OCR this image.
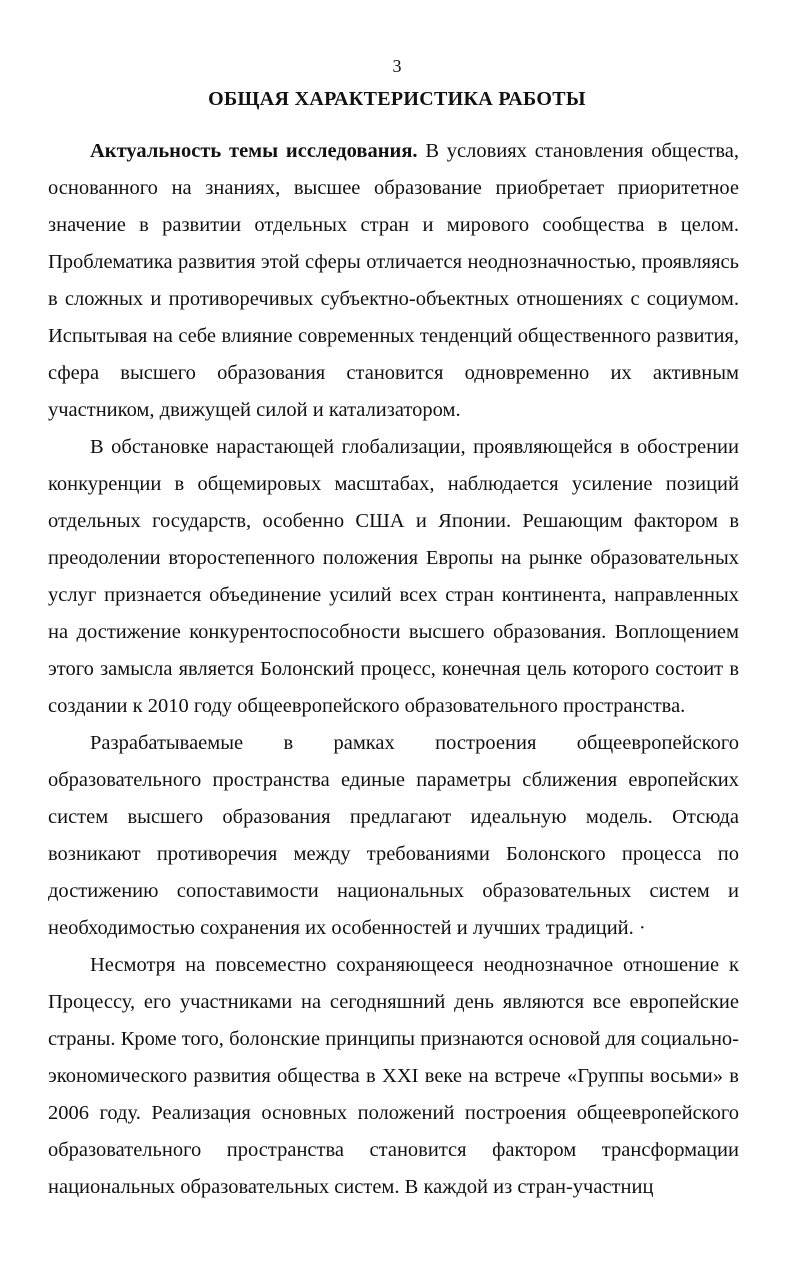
3
ОБЩАЯ ХАРАКТЕРИСТИКА РАБОТЫ

Актуальность темы исследования. В условиях становления общества, основанного на знаниях, высшее образование приобретает приоритетное значение в развитии отдельных стран и мирового сообщества в целом. Проблематика развития этой сферы отличается неоднозначностью, проявляясь в сложных и противоречивых субъектно-объектных отношениях с социумом. Испытывая на себе влияние современных тенденций общественного развития, сфера высшего образования становится одновременно их активным участником, движущей силой и катализатором.

В обстановке нарастающей глобализации, проявляющейся в обострении конкуренции в общемировых масштабах, наблюдается усиление позиций отдельных государств, особенно США и Японии. Решающим фактором в преодолении второстепенного положения Европы на рынке образовательных услуг признается объединение усилий всех стран континента, направленных на достижение конкурентоспособности высшего образования. Воплощением этого замысла является Болонский процесс, конечная цель которого состоит в создании к 2010 году общеевропейского образовательного пространства.

Разрабатываемые в рамках построения общеевропейского образовательного пространства единые параметры сближения европейских систем высшего образования предлагают идеальную модель. Отсюда возникают противоречия между требованиями Болонского процесса по достижению сопоставимости национальных образовательных систем и необходимостью сохранения их особенностей и лучших традиций. ·

Несмотря на повсеместно сохраняющееся неоднозначное отношение к Процессу, его участниками на сегодняшний день являются все европейские страны. Кроме того, болонские принципы признаются основой для социально-экономического развития общества в XXI веке на встрече «Группы восьми» в 2006 году. Реализация основных положений построения общеевропейского образовательного пространства становится фактором трансформации национальных образовательных систем. В каждой из стран-участниц
